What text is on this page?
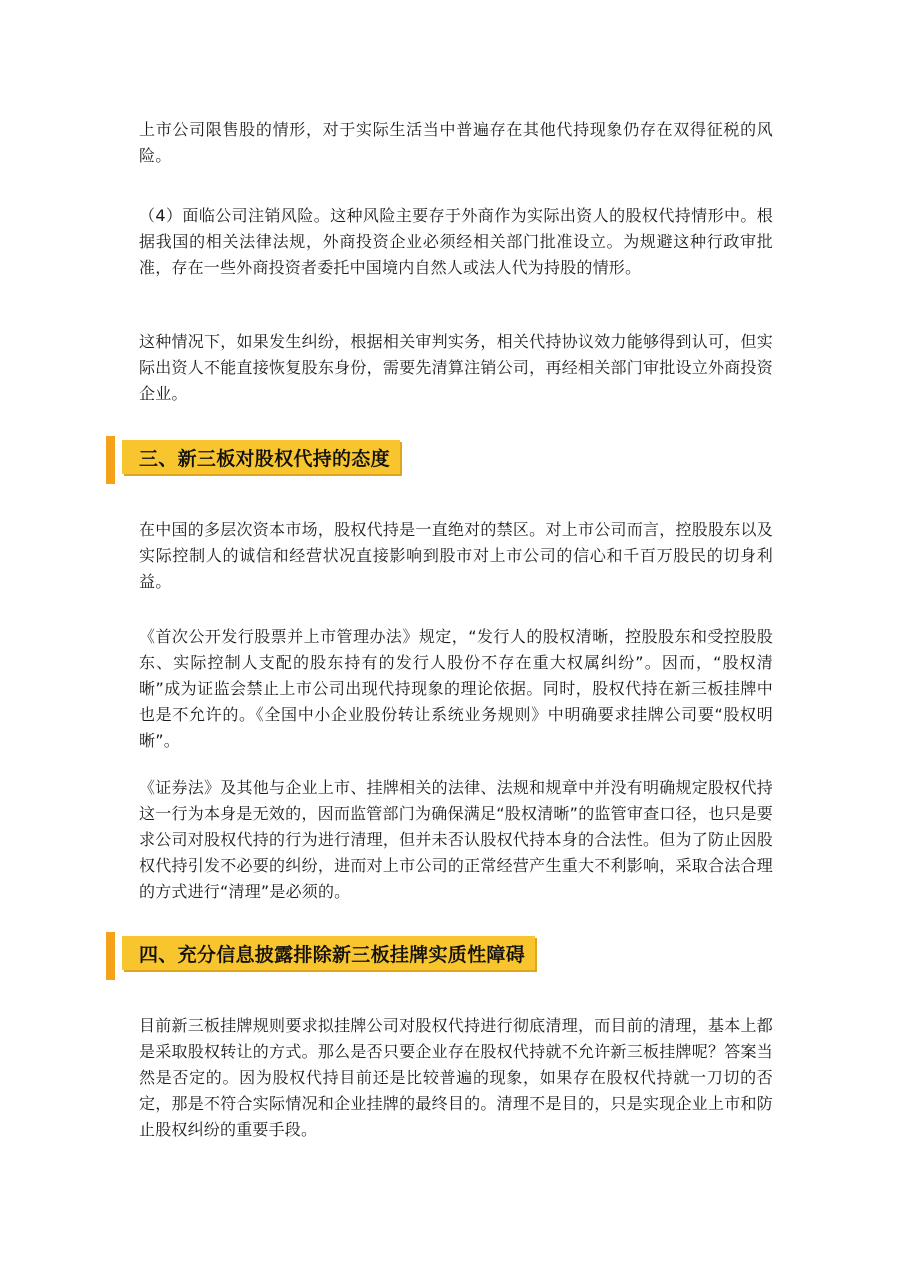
上市公司限售股的情形，对于实际生活当中普遍存在其他代持现象仍存在双得征税的风险。

（4）面临公司注销风险。这种风险主要存于外商作为实际出资人的股权代持情形中。根据我国的相关法律法规，外商投资企业必须经相关部门批准设立。为规避这种行政审批准，存在一些外商投资者委托中国境内自然人或法人代为持股的情形。

这种情况下，如果发生纠纷，根据相关审判实务，相关代持协议效力能够得到认可，但实际出资人不能直接恢复股东身份，需要先清算注销公司，再经相关部门审批设立外商投资企业。

三、新三板对股权代持的态度

在中国的多层次资本市场，股权代持是一直绝对的禁区。对上市公司而言，控股股东以及实际控制人的诚信和经营状况直接影响到股市对上市公司的信心和千百万股民的切身利益。

《首次公开发行股票并上市管理办法》规定，“发行人的股权清晰，控股股东和受控股股东、实际控制人支配的股东持有的发行人股份不存在重大权属纠纷”。因而，“股权清晰”成为证监会禁止上市公司出现代持现象的理论依据。同时，股权代持在新三板挂牌中也是不允许的。《全国中小企业股份转让系统业务规则》中明确要求挂牌公司要“股权明晰”。

《证券法》及其他与企业上市、挂牌相关的法律、法规和规章中并没有明确规定股权代持这一行为本身是无效的，因而监管部门为确保满足“股权清晰”的监管审查口径，也只是要求公司对股权代持的行为进行清理，但并未否认股权代持本身的合法性。但为了防止因股权代持引发不必要的纠纷，进而对上市公司的正常经营产生重大不利影响，采取合法合理的方式进行“清理”是必须的。

四、充分信息披露排除新三板挂牌实质性障碍

目前新三板挂牌规则要求拟挂牌公司对股权代持进行彻底清理，而目前的清理，基本上都是采取股权转让的方式。那么是否只要企业存在股权代持就不允许新三板挂牌呢？答案当然是否定的。因为股权代持目前还是比较普遍的现象，如果存在股权代持就一刀切的否定，那是不符合实际情况和企业挂牌的最终目的。清理不是目的，只是实现企业上市和防止股权纠纷的重要手段。
